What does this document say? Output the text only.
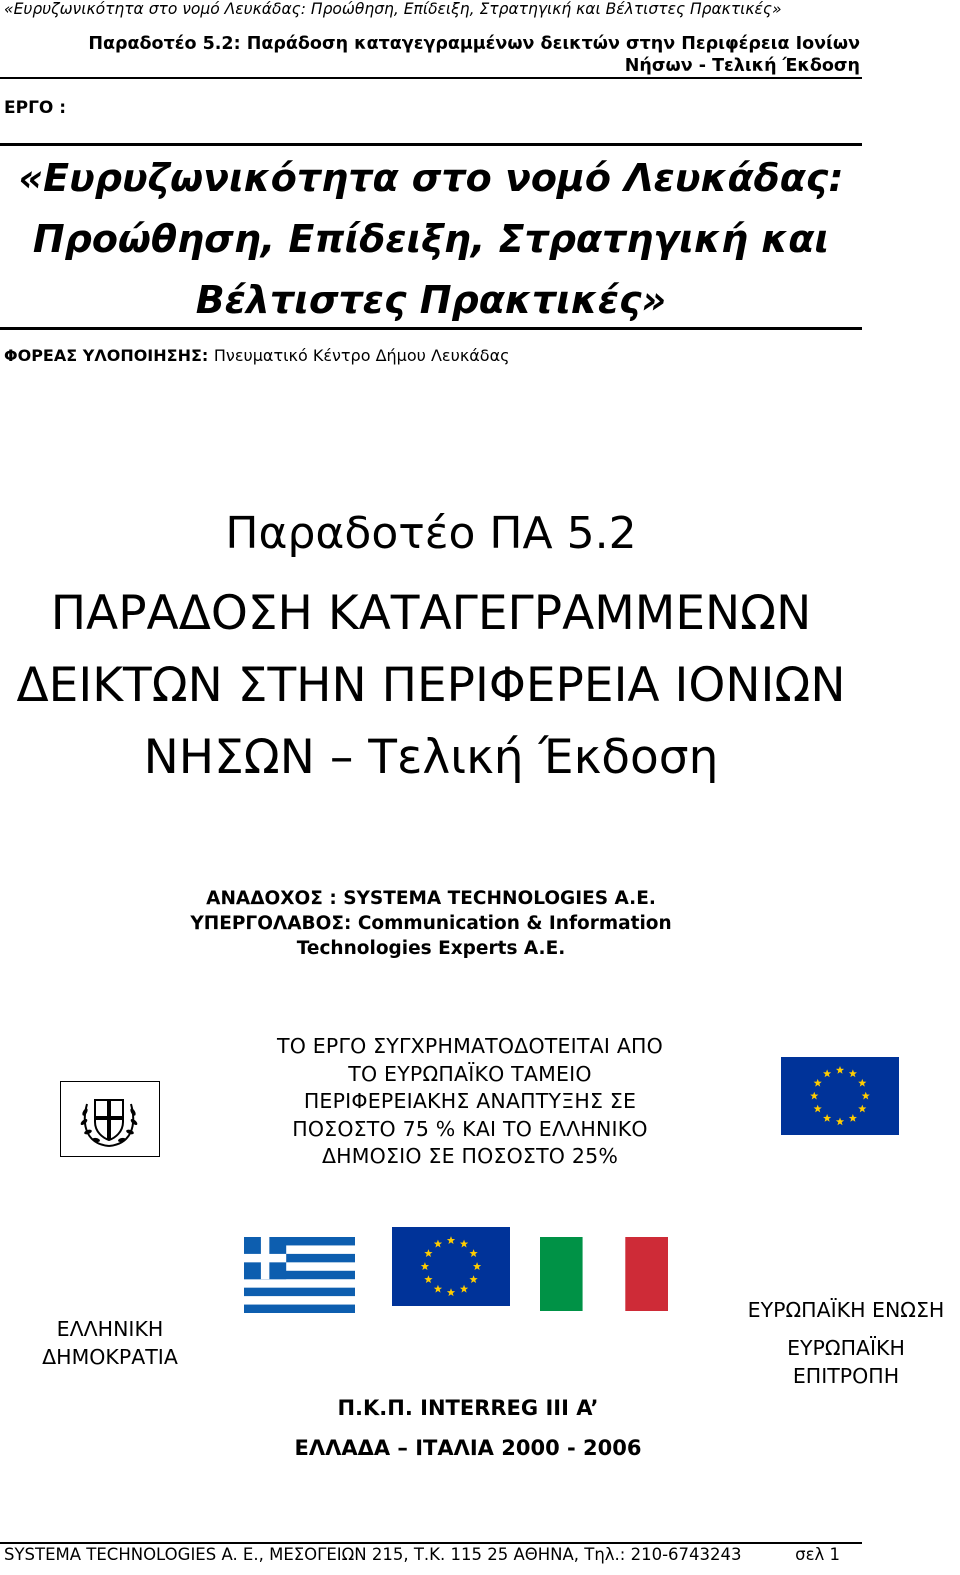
«Ευρυζωνικότητα στο νομό Λευκάδας: Προώθηση, Επίδειξη, Στρατηγική και Βέλτιστες Πρακτικές»
Παραδοτέο 5.2: Παράδοση καταγεγραμμένων δεικτών στην Περιφέρεια Ιονίων
Νήσων - Τελική Έκδοση
ΕΡΓΟ :
«Ευρυζωνικότητα στο νομό Λευκάδας:
Προώθηση, Επίδειξη, Στρατηγική και
Βέλτιστες Πρακτικές»
ΦΟΡΕΑΣ ΥΛΟΠΟΙΗΣΗΣ: Πνευματικό Κέντρο Δήμου Λευκάδας
Παραδοτέο ΠΑ 5.2
ΠΑΡΑΔΟΣΗ ΚΑΤΑΓΕΓΡΑΜΜΕΝΩΝ
ΔΕΙΚΤΩΝ ΣΤΗΝ ΠΕΡΙΦΕΡΕΙΑ ΙΟΝΙΩΝ
ΝΗΣΩΝ – Τελική Έκδοση
ΑΝΑΔΟΧΟΣ : SYSTEMA TECHNOLOGIES A.E.
ΥΠΕΡΓΟΛΑΒΟΣ: Communication & Information
Technologies Experts A.E.
ΤΟ ΕΡΓΟ ΣΥΓΧΡΗΜΑΤΟΔΟΤΕΙΤΑΙ ΑΠΟ
ΤΟ ΕΥΡΩΠΑΪΚΟ ΤΑΜΕΙΟ
ΠΕΡΙΦΕΡΕΙΑΚΗΣ ΑΝΑΠΤΥΞΗΣ ΣΕ
ΠΟΣΟΣΤΟ 75 % ΚΑΙ ΤΟ ΕΛΛΗΝΙΚΟ
ΔΗΜΟΣΙΟ ΣΕ ΠΟΣΟΣΤΟ 25%
ΕΛΛΗΝΙΚΗ
ΔΗΜΟΚΡΑΤΙΑ
ΕΥΡΩΠΑΪΚΗ ΕΝΩΣΗ
ΕΥΡΩΠΑΪΚΗ
ΕΠΙΤΡΟΠΗ
Π.Κ.Π. INTERREG III A’
ΕΛΛΑΔΑ – ΙΤΑΛΙΑ 2000 - 2006
SYSTEMA TECHNOLOGIES A. E., ΜΕΣΟΓΕΙΩΝ 215, Τ.Κ. 115 25 ΑΘΗΝΑ, Τηλ.: 210-6743243	σελ 1
